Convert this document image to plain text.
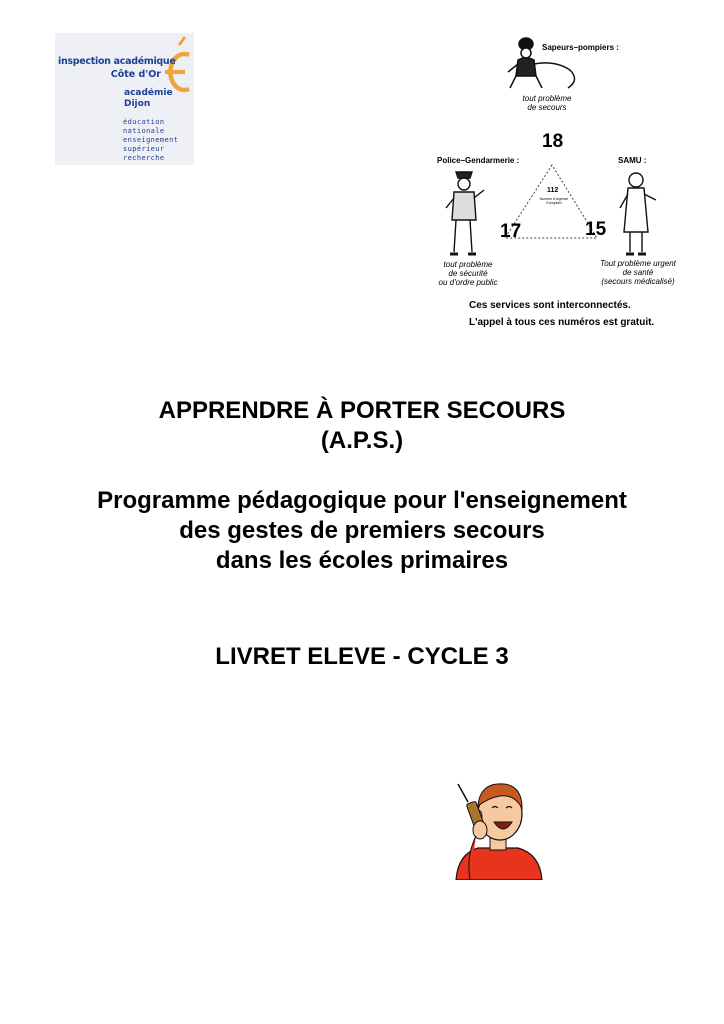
inspection académique
Côte d'Or
académie
Dijon
éducation
nationale
enseignement
supérieur
recherche
Sapeurs–pompiers :
tout problème
de secours
18
Police–Gendarmerie :	SAMU :
112
Numéro d'urgence
Européen
17	15
tout problème
de sécurité
ou d'ordre public
Tout problème urgent
de santé
(secours médicalisé)
Ces services sont interconnectés.
L'appel à tous ces numéros est gratuit.
APPRENDRE À PORTER SECOURS
(A.P.S.)
Programme pédagogique pour l'enseignement
des gestes de premiers secours
dans les écoles primaires
LIVRET ELEVE - CYCLE 3
